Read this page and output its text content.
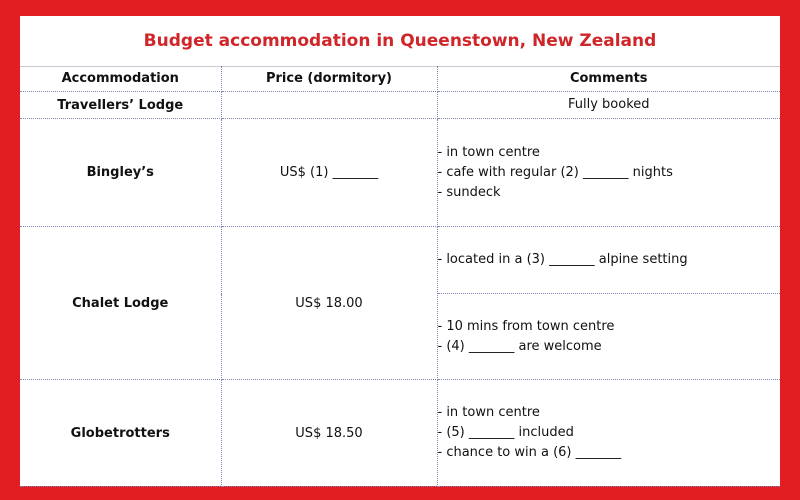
Budget accommodation in Queenstown, New Zealand
Accommodation	Price (dormitory)	Comments
Travellers’ Lodge		Fully booked

Bingley’s	US$ (1) _______	- in town centre
- cafe with regular (2) _______ nights
- sundeck

Chalet Lodge	US$ 18.00	- located in a (3) _______ alpine setting

		- 10 mins from town centre
- (4) _______ are welcome

Globetrotters	US$ 18.50	- in town centre
- (5) _______ included
- chance to win a (6) _______
